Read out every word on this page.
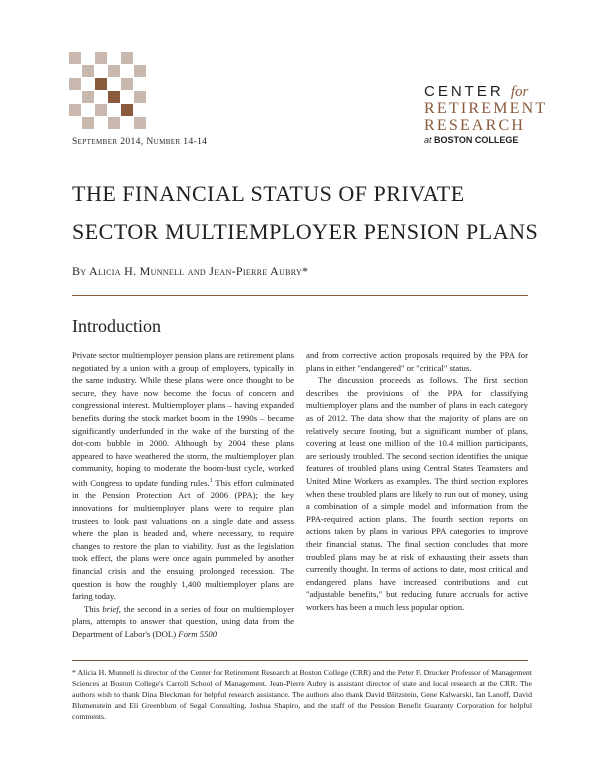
CENTER for
RETIREMENT
RESEARCH
at BOSTON COLLEGE
September 2014, Number 14-14
THE FINANCIAL STATUS OF PRIVATE SECTOR MULTIEMPLOYER PENSION PLANS
By Alicia H. Munnell and Jean-Pierre Aubry*
Introduction

Private sector multiemployer pension plans are retirement plans negotiated by a union with a group of employers, typically in the same industry. While these plans were once thought to be secure, they have now become the focus of concern and congressional interest. Multiemployer plans – having expanded benefits during the stock market boom in the 1990s – became significantly underfunded in the wake of the bursting of the dot-com bubble in 2000. Although by 2004 these plans appeared to have weathered the storm, the multiemployer plan community, hoping to moderate the boom-bust cycle, worked with Congress to update funding rules.$^1$ This effort culminated in the Pension Protection Act of 2006 (PPA); the key innovations for multiemployer plans were to require plan trustees to look past valuations on a single date and assess where the plan is headed and, where necessary, to require changes to restore the plan to viability. Just as the legislation took effect, the plans were once again pummeled by another financial crisis and the ensuing prolonged recession. The question is how the roughly 1,400 multiemployer plans are faring today.

This brief, the second in a series of four on multiemployer plans, attempts to answer that question, using data from the Department of Labor's (DOL) Form 5500

and from corrective action proposals required by the PPA for plans in either "endangered" or "critical" status.

The discussion proceeds as follows. The first section describes the provisions of the PPA for classifying multiemployer plans and the number of plans in each category as of 2012. The data show that the majority of plans are on relatively secure footing, but a significant number of plans, covering at least one million of the 10.4 million participants, are seriously troubled. The second section identifies the unique features of troubled plans using Central States Teamsters and United Mine Workers as examples. The third section explores when these troubled plans are likely to run out of money, using a combination of a simple model and information from the PPA-required action plans. The fourth section reports on actions taken by plans in various PPA categories to improve their financial status. The final section concludes that more troubled plans may be at risk of exhausting their assets than currently thought. In terms of actions to date, most critical and endangered plans have increased contributions and cut "adjustable benefits," but reducing future accruals for active workers has been a much less popular option.

* Alicia H. Munnell is director of the Center for Retirement Research at Boston College (CRR) and the Peter F. Drucker Professor of Management Sciences at Boston College's Carroll School of Management. Jean-Pierre Aubry is assistant director of state and local research at the CRR. The authors wish to thank Dina Bleckman for helpful research assistance. The authors also thank David Blitzstein, Gene Kalwarski, Ian Lanoff, David Blumenstein and Eli Greenblum of Segal Consulting, Joshua Shapiro, and the staff of the Pension Benefit Guaranty Corporation for helpful comments.
